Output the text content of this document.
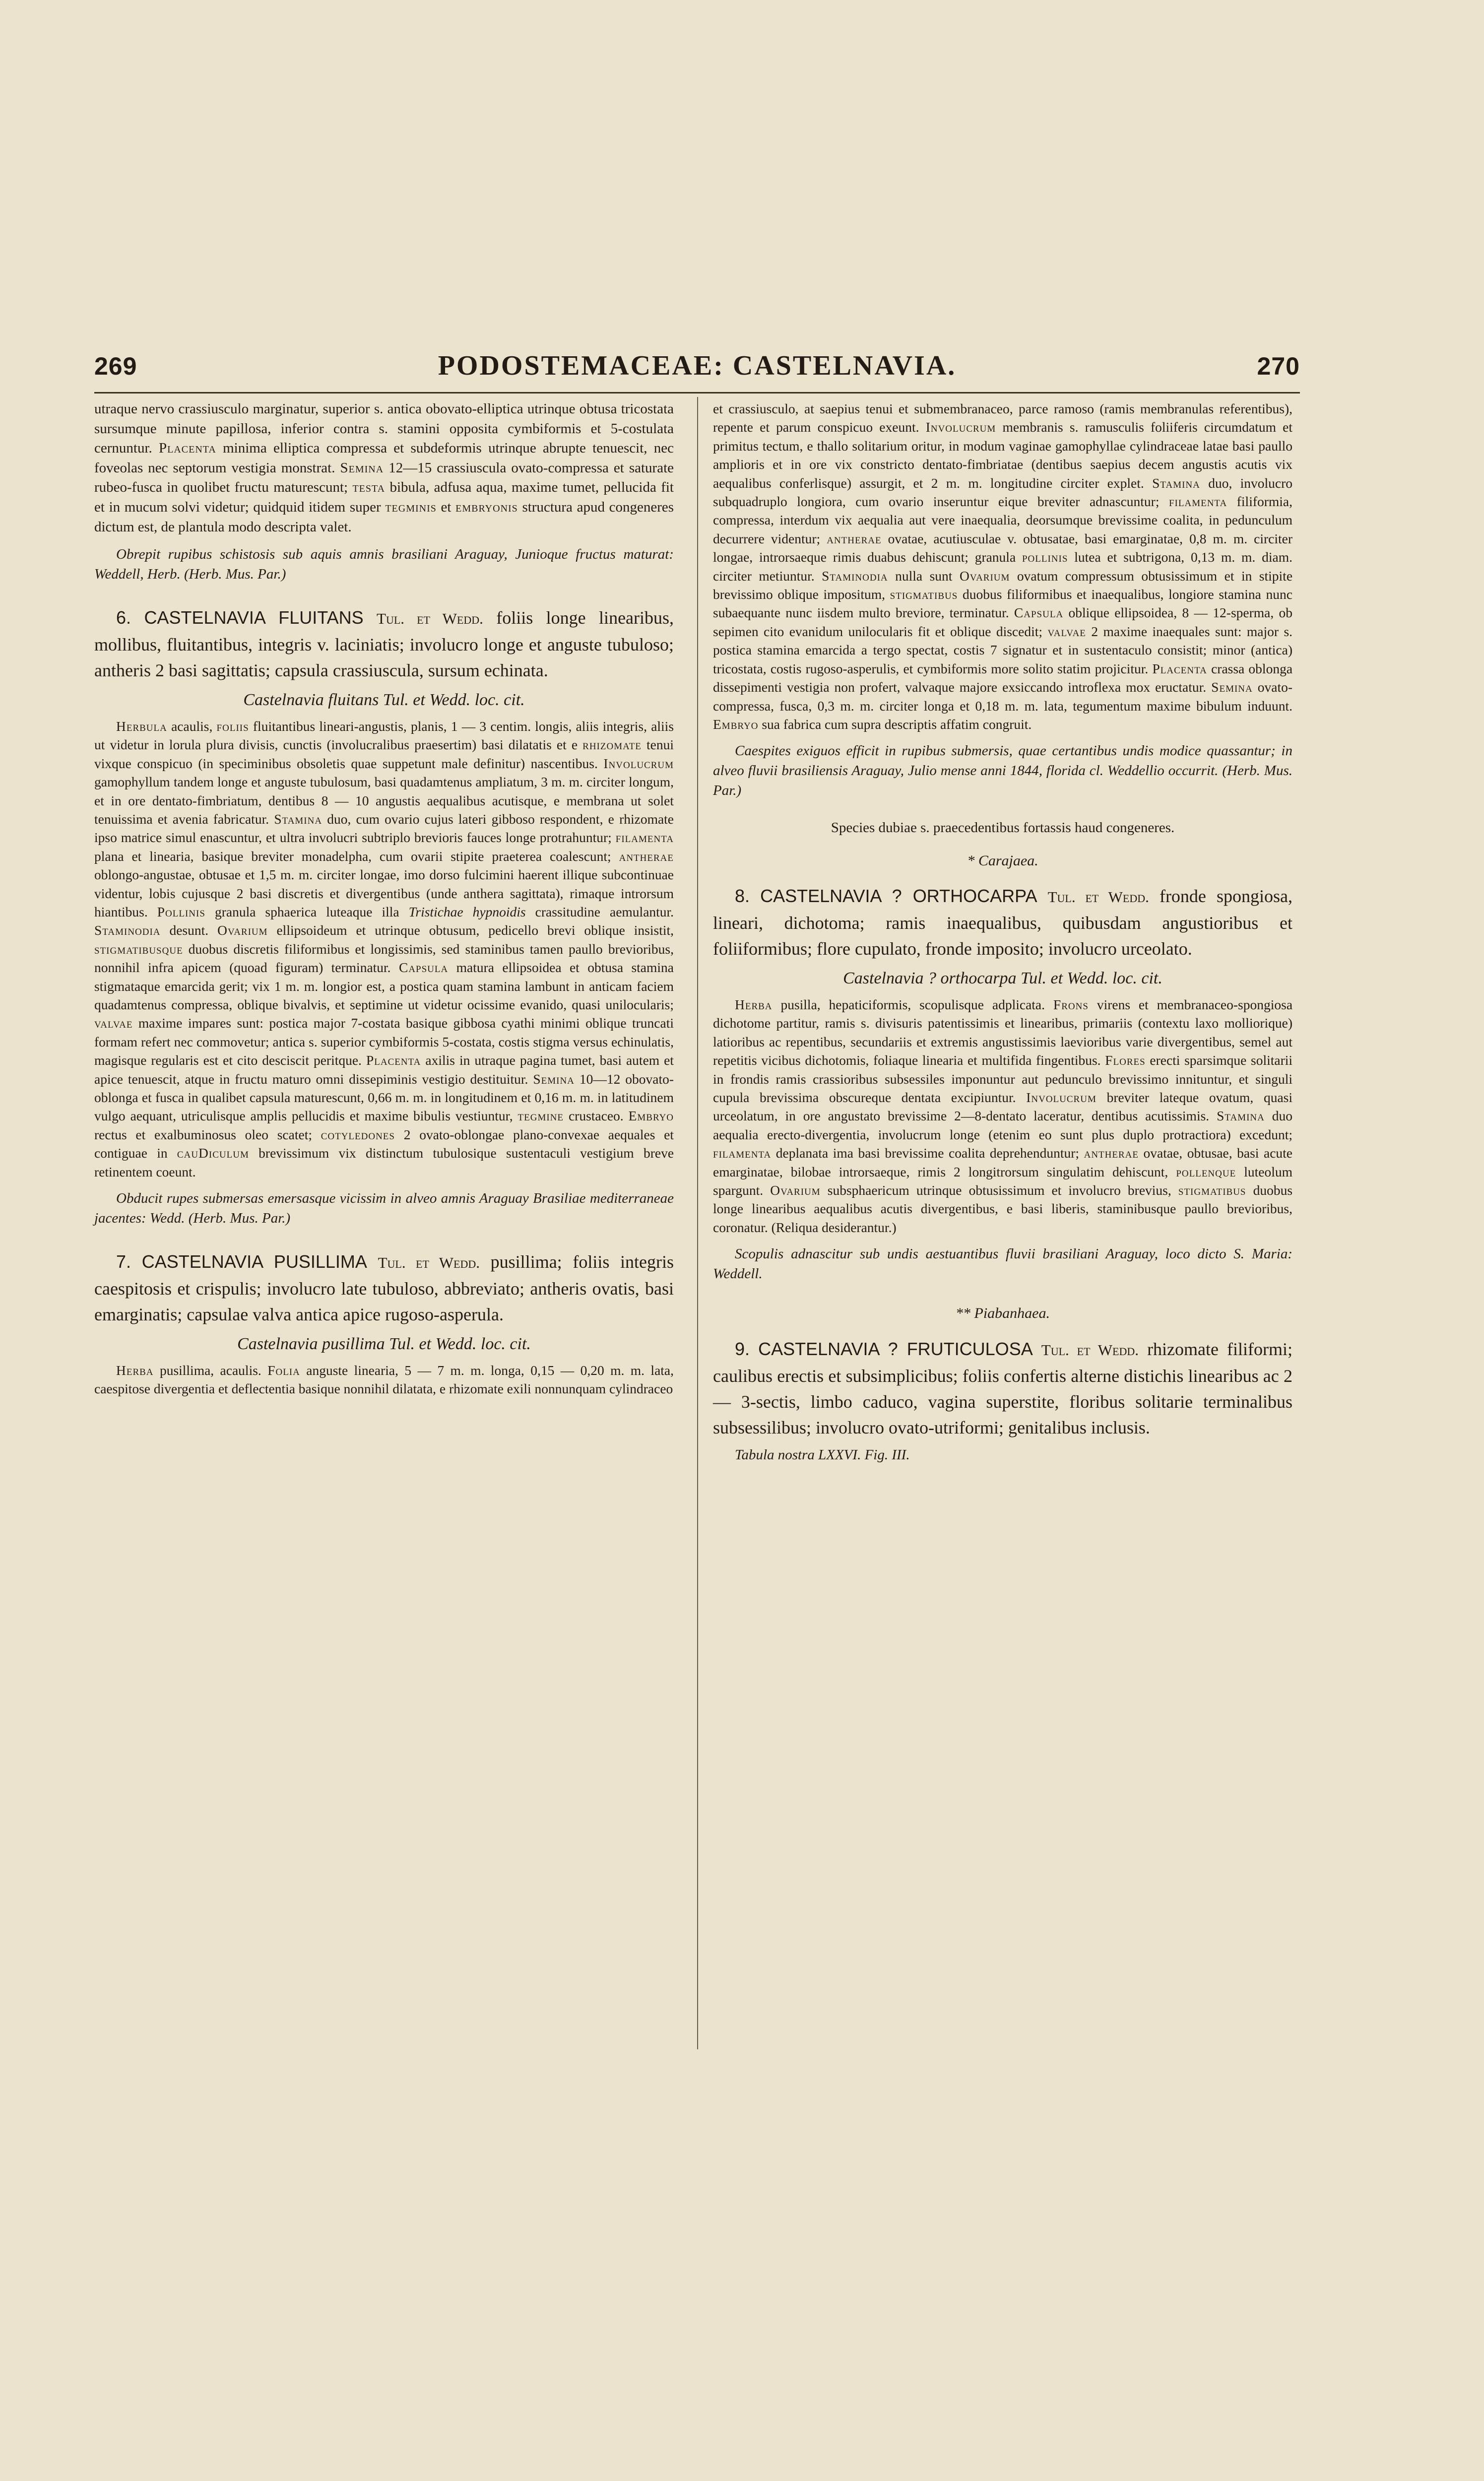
269	PODOSTEMACEAE: CASTELNAVIA.	270

utraque nervo crassiusculo marginatur, superior s. antica obovato-elliptica utrinque obtusa tricostata sursumque minute papillosa, inferior contra s. stamini opposita cymbiformis et 5-costulata cernuntur. Placenta minima elliptica compressa et subdeformis utrinque abrupte tenuescit, nec foveolas nec septorum vestigia monstrat. Semina 12—15 crassiuscula ovato-compressa et saturate rubeo-fusca in quolibet fructu maturescunt; testa bibula, adfusa aqua, maxime tumet, pellucida fit et in mucum solvi videtur; quidquid itidem super tegminis et embryonis structura apud congeneres dictum est, de plantula modo descripta valet.

Obrepit rupibus schistosis sub aquis amnis brasiliani Araguay, Junioque fructus maturat: Weddell, Herb. (Herb. Mus. Par.)

6. CASTELNAVIA FLUITANS Tul. et Wedd. foliis longe linearibus, mollibus, fluitantibus, integris v. laciniatis; involucro longe et anguste tubuloso; antheris 2 basi sagittatis; capsula crassiuscula, sursum echinata.

Castelnavia fluitans Tul. et Wedd. loc. cit.

Herbula acaulis, foliis fluitantibus lineari-angustis, planis, 1 — 3 centim. longis, aliis integris, aliis ut videtur in lorula plura divisis, cunctis (involucralibus praesertim) basi dilatatis et e rhizomate tenui vixque conspicuo (in speciminibus obsoletis quae suppetunt male definitur) nascentibus. Involucrum gamophyllum tandem longe et anguste tubulosum, basi quadamtenus ampliatum, 3 m. m. circiter longum, et in ore dentato-fimbriatum, dentibus 8 — 10 angustis aequalibus acutisque, e membrana ut solet tenuissima et avenia fabricatur. Stamina duo, cum ovario cujus lateri gibboso respondent, e rhizomate ipso matrice simul enascuntur, et ultra involucri subtriplo brevioris fauces longe protrahuntur; filamenta plana et linearia, basique breviter monadelpha, cum ovarii stipite praeterea coalescunt; antherae oblongo-angustae, obtusae et 1,5 m. m. circiter longae, imo dorso fulcimini haerent illique subcontinuae videntur, lobis cujusque 2 basi discretis et divergentibus (unde anthera sagittata), rimaque introrsum hiantibus. Pollinis granula sphaerica luteaque illa Tristichae hypnoidis crassitudine aemulantur. Staminodia desunt. Ovarium ellipsoideum et utrinque obtusum, pedicello brevi oblique insistit, stigmatibusque duobus discretis filiformibus et longissimis, sed staminibus tamen paullo brevioribus, nonnihil infra apicem (quoad figuram) terminatur. Capsula matura ellipsoidea et obtusa stamina stigmataque emarcida gerit; vix 1 m. m. longior est, a postica quam stamina lambunt in anticam faciem quadamtenus compressa, oblique bivalvis, et septimine ut videtur ocissime evanido, quasi unilocularis; valvae maxime impares sunt: postica major 7-costata basique gibbosa cyathi minimi oblique truncati formam refert nec commovetur; antica s. superior cymbiformis 5-costata, costis stigma versus echinulatis, magisque regularis est et cito desciscit peritque. Placenta axilis in utraque pagina tumet, basi autem et apice tenuescit, atque in fructu maturo omni dissepiminis vestigio destituitur. Semina 10—12 obovato-oblonga et fusca in qualibet capsula maturescunt, 0,66 m. m. in longitudinem et 0,16 m. m. in latitudinem vulgo aequant, utriculisque amplis pellucidis et maxime bibulis vestiuntur, tegmine crustaceo. Embryo rectus et exalbuminosus oleo scatet; cotyledones 2 ovato-oblongae plano-convexae aequales et contiguae in cauDiculum brevissimum vix distinctum tubulosique sustentaculi vestigium breve retinentem coeunt.

Obducit rupes submersas emersasque vicissim in alveo amnis Araguay Brasiliae mediterraneae jacentes: Wedd. (Herb. Mus. Par.)

7. CASTELNAVIA PUSILLIMA Tul. et Wedd. pusillima; foliis integris caespitosis et crispulis; involucro late tubuloso, abbreviato; antheris ovatis, basi emarginatis; capsulae valva antica apice rugoso-asperula.

Castelnavia pusillima Tul. et Wedd. loc. cit.

Herba pusillima, acaulis. Folia anguste linearia, 5 — 7 m. m. longa, 0,15 — 0,20 m. m. lata, caespitose divergentia et deflectentia basique nonnihil dilatata, e rhizomate exili nonnunquam cylindraceo

et crassiusculo, at saepius tenui et submembranaceo, parce ramoso (ramis membranulas referentibus), repente et parum conspicuo exeunt. Involucrum membranis s. ramusculis foliiferis circumdatum et primitus tectum, e thallo solitarium oritur, in modum vaginae gamophyllae cylindraceae latae basi paullo amplioris et in ore vix constricto dentato-fimbriatae (dentibus saepius decem angustis acutis vix aequalibus conferlisque) assurgit, et 2 m. m. longitudine circiter explet. Stamina duo, involucro subquadruplo longiora, cum ovario inseruntur eique breviter adnascuntur; filamenta filiformia, compressa, interdum vix aequalia aut vere inaequalia, deorsumque brevissime coalita, in pedunculum decurrere videntur; antherae ovatae, acutiusculae v. obtusatae, basi emarginatae, 0,8 m. m. circiter longae, introrsaeque rimis duabus dehiscunt; granula pollinis lutea et subtrigona, 0,13 m. m. diam. circiter metiuntur. Staminodia nulla sunt Ovarium ovatum compressum obtusissimum et in stipite brevissimo oblique impositum, stigmatibus duobus filiformibus et inaequalibus, longiore stamina nunc subaequante nunc iisdem multo breviore, terminatur. Capsula oblique ellipsoidea, 8 — 12-sperma, ob sepimen cito evanidum unilocularis fit et oblique discedit; valvae 2 maxime inaequales sunt: major s. postica stamina emarcida a tergo spectat, costis 7 signatur et in sustentaculo consistit; minor (antica) tricostata, costis rugoso-asperulis, et cymbiformis more solito statim projicitur. Placenta crassa oblonga dissepimenti vestigia non profert, valvaque majore exsiccando introflexa mox eructatur. Semina ovato-compressa, fusca, 0,3 m. m. circiter longa et 0,18 m. m. lata, tegumentum maxime bibulum induunt. Embryo sua fabrica cum supra descriptis affatim congruit.

Caespites exiguos efficit in rupibus submersis, quae certantibus undis modice quassantur; in alveo fluvii brasiliensis Araguay, Julio mense anni 1844, florida cl. Weddellio occurrit. (Herb. Mus. Par.)

Species dubiae s. praecedentibus fortassis haud congeneres.

* Carajaea.

8. CASTELNAVIA ? ORTHOCARPA Tul. et Wedd. fronde spongiosa, lineari, dichotoma; ramis inaequalibus, quibusdam angustioribus et foliiformibus; flore cupulato, fronde imposito; involucro urceolato.

Castelnavia ? orthocarpa Tul. et Wedd. loc. cit.

Herba pusilla, hepaticiformis, scopulisque adplicata. Frons virens et membranaceo-spongiosa dichotome partitur, ramis s. divisuris patentissimis et linearibus, primariis (contextu laxo molliorique) latioribus ac repentibus, secundariis et extremis angustissimis laevioribus varie divergentibus, semel aut repetitis vicibus dichotomis, foliaque linearia et multifida fingentibus. Flores erecti sparsimque solitarii in frondis ramis crassioribus subsessiles imponuntur aut pedunculo brevissimo innituntur, et singuli cupula brevissima obscureque dentata excipiuntur. Involucrum breviter lateque ovatum, quasi urceolatum, in ore angustato brevissime 2—8-dentato laceratur, dentibus acutissimis. Stamina duo aequalia erecto-divergentia, involucrum longe (etenim eo sunt plus duplo protractiora) excedunt; filamenta deplanata ima basi brevissime coalita deprehenduntur; antherae ovatae, obtusae, basi acute emarginatae, bilobae introrsaeque, rimis 2 longitrorsum singulatim dehiscunt, pollenque luteolum spargunt. Ovarium subsphaericum utrinque obtusissimum et involucro brevius, stigmatibus duobus longe linearibus aequalibus acutis divergentibus, e basi liberis, staminibusque paullo brevioribus, coronatur. (Reliqua desiderantur.)

Scopulis adnascitur sub undis aestuantibus fluvii brasiliani Araguay, loco dicto S. Maria: Weddell.

** Piabanhaea.

9. CASTELNAVIA ? FRUTICULOSA Tul. et Wedd. rhizomate filiformi; caulibus erectis et subsimplicibus; foliis confertis alterne distichis linearibus ac 2 — 3-sectis, limbo caduco, vagina superstite, floribus solitarie terminalibus subsessilibus; involucro ovato-utriformi; genitalibus inclusis.

Tabula nostra LXXVI. Fig. III.
